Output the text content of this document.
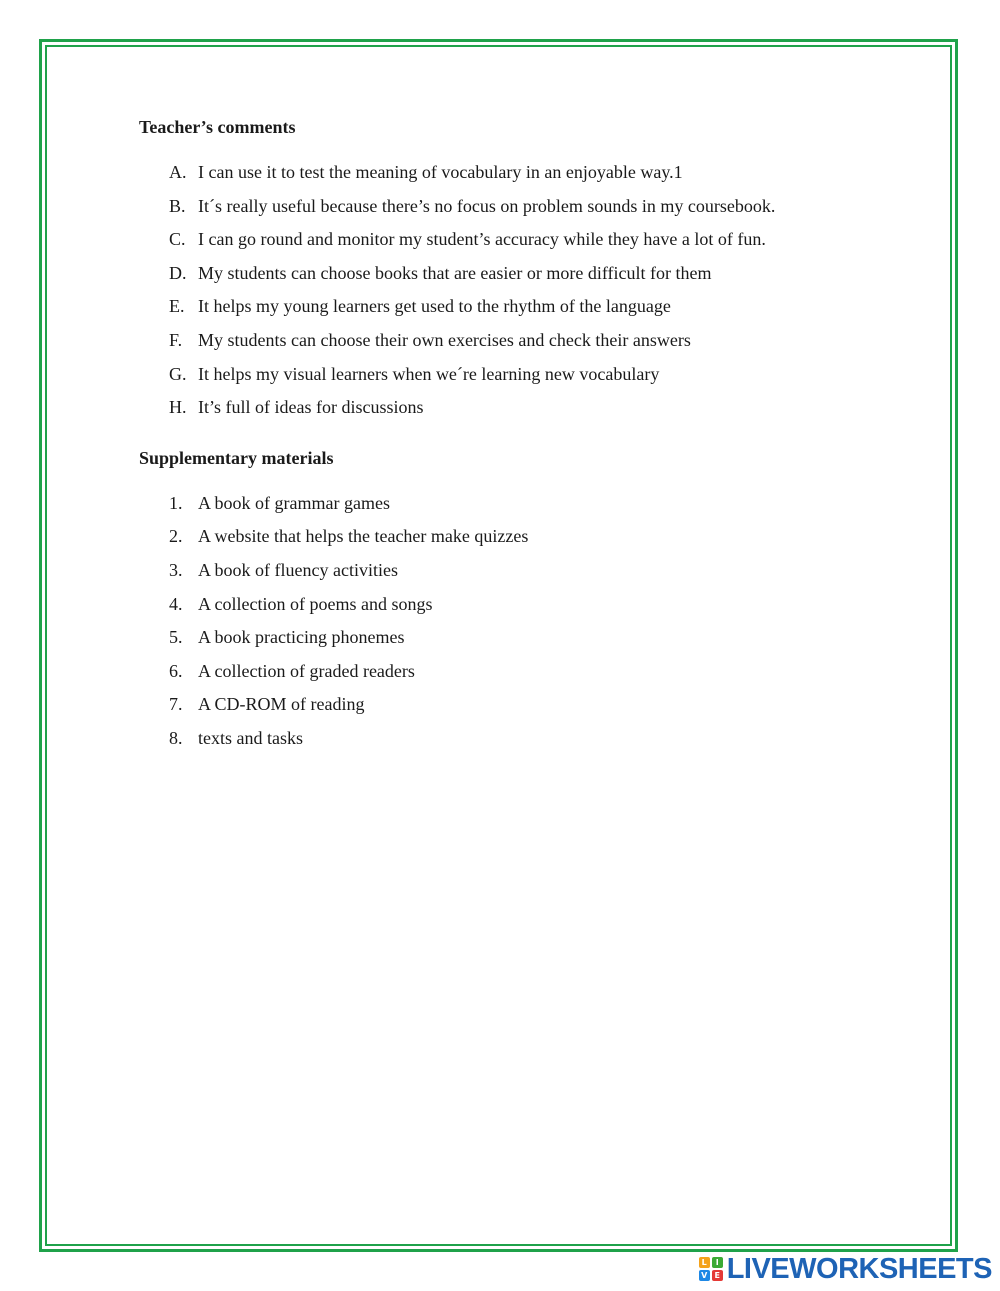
Teacher’s comments
A. I can use it to test the meaning of vocabulary in an enjoyable way.1
B. It´s really useful because there’s no focus on problem sounds in my coursebook.
C. I can go round and monitor my student’s accuracy while they have a lot of fun.
D. My students can choose books that are easier or more difficult for them
E. It helps my young learners get used to the rhythm of the language
F. My students can choose their own exercises and check their answers
G. It helps my visual learners when we´re learning new vocabulary
H. It’s full of ideas for discussions
Supplementary materials
1. A book of grammar games
2. A website that helps the teacher make quizzes
3. A book of fluency activities
4. A collection of poems and songs
5. A book practicing phonemes
6. A collection of graded readers
7. A CD-ROM of reading
8. texts and tasks
L	I
V E LIVEWORKSHEETS
